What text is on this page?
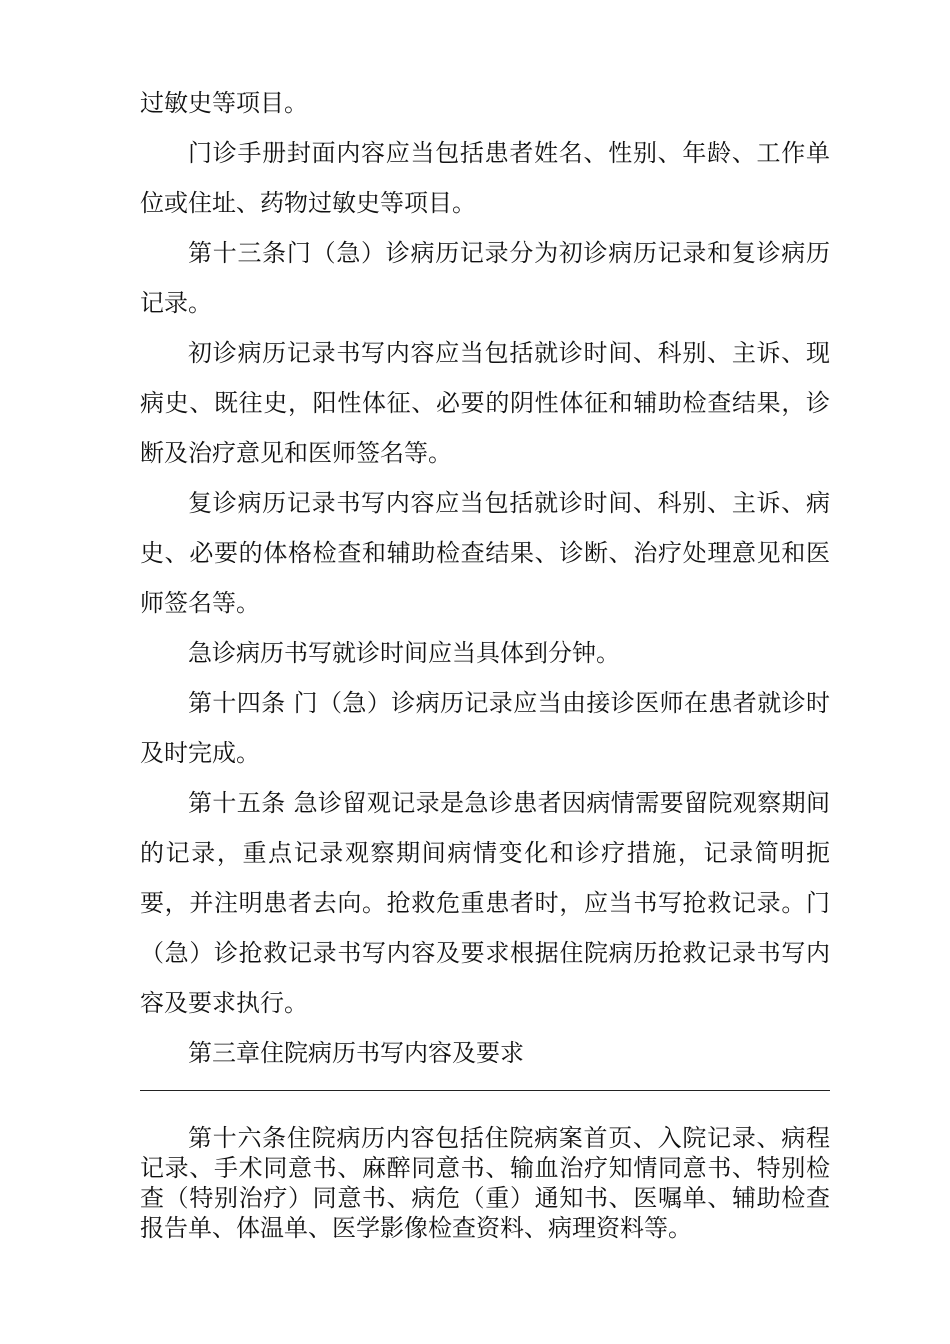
过敏史等项目。

门诊手册封面内容应当包括患者姓名、性别、年龄、工作单位或住址、药物过敏史等项目。

第十三条门（急）诊病历记录分为初诊病历记录和复诊病历记录。

初诊病历记录书写内容应当包括就诊时间、科别、主诉、现病史、既往史，阳性体征、必要的阴性体征和辅助检查结果，诊断及治疗意见和医师签名等。

复诊病历记录书写内容应当包括就诊时间、科别、主诉、病史、必要的体格检查和辅助检查结果、诊断、治疗处理意见和医师签名等。

急诊病历书写就诊时间应当具体到分钟。

第十四条 门（急）诊病历记录应当由接诊医师在患者就诊时及时完成。

第十五条 急诊留观记录是急诊患者因病情需要留院观察期间的记录，重点记录观察期间病情变化和诊疗措施，记录简明扼要，并注明患者去向。抢救危重患者时，应当书写抢救记录。门（急）诊抢救记录书写内容及要求根据住院病历抢救记录书写内容及要求执行。

第三章住院病历书写内容及要求

第十六条住院病历内容包括住院病案首页、入院记录、病程记录、手术同意书、麻醉同意书、输血治疗知情同意书、特别检查（特别治疗）同意书、病危（重）通知书、医嘱单、辅助检查报告单、体温单、医学影像检查资料、病理资料等。
